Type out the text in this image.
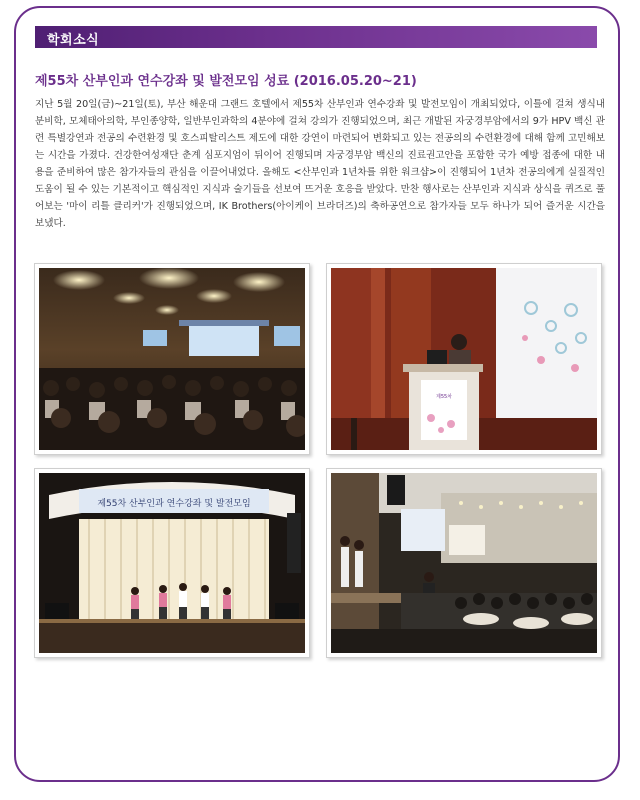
학회소식
제55차 산부인과 연수강좌 및 발전모임 성료 (2016.05.20~21)

지난 5월 20일(금)~21일(토), 부산 해운대 그랜드 호텔에서 제55차 산부인과 연수강좌 및 발전모임이 개최되었다, 이틀에 걸쳐 생식내분비학, 모체태아의학, 부인종양학, 일반부인과학의 4분야에 걸쳐 강의가 진행되었으며, 최근 개발된 자궁경부암에서의 9가 HPV 백신 관련 특별강연과 전공의 수련환경 및 호스피탈리스트 제도에 대한 강연이 마련되어 변화되고 있는 전공의의 수련환경에 대해 함께 고민해보는 시간을 가졌다. 건강한여성재단 춘계 심포지엄이 뒤이어 진행되며 자궁경부암 백신의 진료권고안을 포함한 국가 예방 접종에 대한 내용을 준비하여 많은 참가자들의 관심을 이끌어내었다. 올해도 <산부인과 1년차를 위한 워크샵>이 진행되어 1년차 전공의에게 실질적인 도움이 될 수 있는 기본적이고 핵심적인 지식과 술기들을 선보여 뜨거운 호응을 받았다. 만찬 행사로는 산부인과 지식과 상식을 퀴즈로 풀어보는 '마이 리틀 클리커'가 진행되었으며, IK Brothers(아이케이 브라더즈)의 축하공연으로 참가자들 모두 하나가 되어 즐거운 시간을 보냈다.

제55차
제55차 산부인과 연수강좌 및 발전모임
